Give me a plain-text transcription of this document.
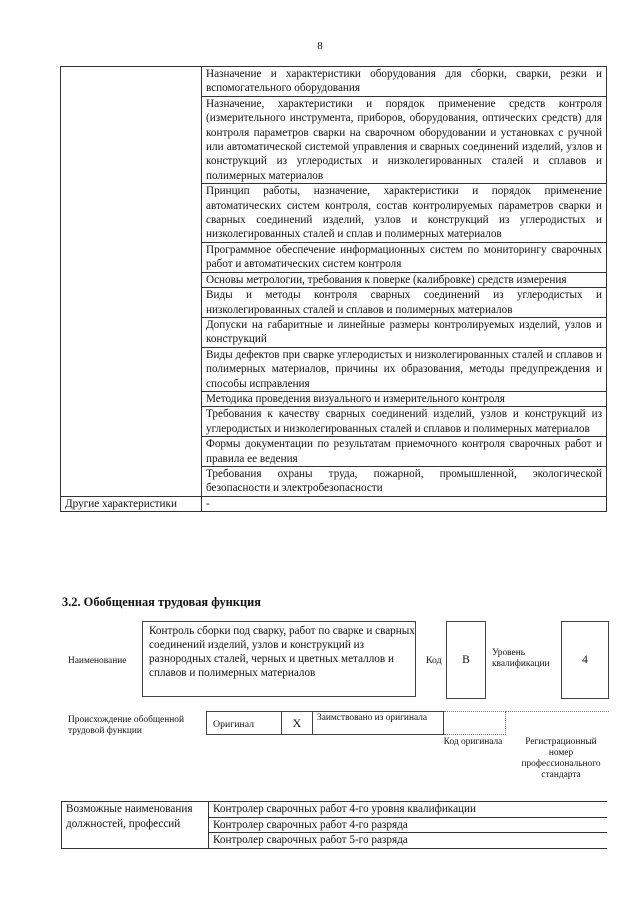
8
	Назначение и характеристики оборудования для сборки, сварки, резки и вспомогательного оборудования
	Назначение, характеристики и порядок применение средств контроля (измерительного инструмента, приборов, оборудования, оптических средств) для контроля параметров сварки на сварочном оборудовании и установках с ручной или автоматической системой управления и сварных соединений изделий, узлов и конструкций из углеродистых и низколегированных сталей и сплавов и полимерных материалов
	Принцип работы, назначение, характеристики и порядок применение автоматических систем контроля, состав контролируемых параметров сварки и сварных соединений изделий, узлов и конструкций из углеродистых и низколегированных сталей и сплав и полимерных материалов
	Программное обеспечение информационных систем по мониторингу сварочных работ и автоматических систем контроля
	Основы метрологии, требования к поверке (калибровке) средств измерения
	Виды и методы контроля сварных соединений из углеродистых и низколегированных сталей и сплавов и полимерных материалов
	Допуски на габаритные и линейные размеры контролируемых изделий, узлов и конструкций
	Виды дефектов при сварке углеродистых и низколегированных сталей и сплавов и полимерных материалов, причины их образования, методы предупреждения и способы исправления
	Методика проведения визуального и измерительного контроля
	Требования к качеству сварных соединений изделий, узлов и конструкций из углеродистых и низколегированных сталей и сплавов и полимерных материалов
	Формы документации по результатам приемочного контроля сварочных работ и правила ее ведения
	Требования охраны труда, пожарной, промышленной, экологической безопасности и электробезопасности
Другие характеристики	-
3.2. Обобщенная трудовая функция
Наименование
Контроль сборки под сварку, работ по сварке и сварных соединений изделий, узлов и конструкций из разнородных сталей, черных и цветных металлов и сплавов и полимерных материалов
Код	В
Уровень квалификации	4
Происхождение обобщенной трудовой функции
Оригинал	X	Заимствовано из оригинала
Код оригинала	Регистрационный номер профессионального стандарта
Возможные наименования должностей, профессий	Контролер сварочных работ 4-го уровня квалификации
Контролер сварочных работ 4-го разряда
Контролер сварочных работ 5-го разряда
